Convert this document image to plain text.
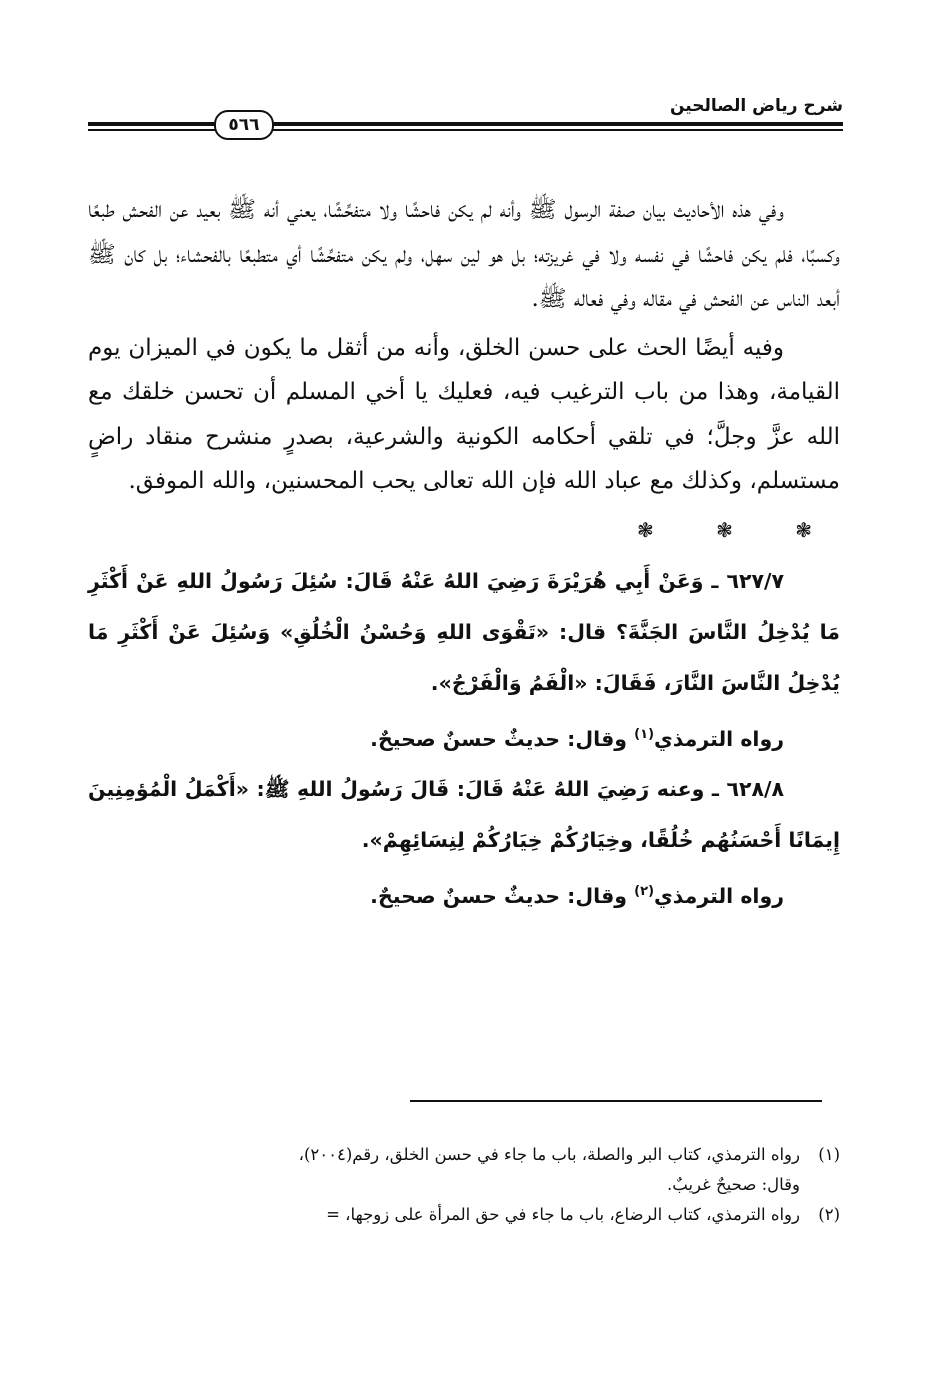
شرح رياض الصالحين
٥٦٦

وفي هذه الأحاديث بيان صفة الرسول ﷺ وأنه لم يكن فاحشًا ولا متفحِّشًا، يعني أنه ﷺ بعيد عن الفحش طبعًا وكسبًا، فلم يكن فاحشًا في نفسه ولا في غريزته؛ بل هو لين سهل، ولم يكن متفحِّشًا أي متطبعًا بالفحشاء؛ بل كان ﷺ أبعد الناس عن الفحش في مقاله وفي فعاله ﷺ.

وفيه أيضًا الحث على حسن الخلق، وأنه من أثقل ما يكون في الميزان يوم القيامة، وهذا من باب الترغيب فيه، فعليك يا أخي المسلم أن تحسن خلقك مع الله عزَّ وجلَّ؛ في تلقي أحكامه الكونية والشرعية، بصدرٍ منشرح منقاد راضٍ مستسلم، وكذلك مع عباد الله فإن الله تعالى يحب المحسنين، والله الموفق.

❃	❃	❃

٦٢٧/٧ ـ وَعَنْ أَبِي هُرَيْرَةَ رَضِيَ اللهُ عَنْهُ قَالَ: سُئِلَ رَسُولُ اللهِ عَنْ أَكْثَرِ مَا يُدْخِلُ النَّاسَ الجَنَّةَ؟ قال: «تَقْوَى اللهِ وَحُسْنُ الْخُلُقِ» وَسُئِلَ عَنْ أَكْثَرِ مَا يُدْخِلُ النَّاسَ النَّارَ، فَقَالَ: «الْفَمُ وَالْفَرْجُ».

رواه الترمذي$^{(١)}$ وقال: حديثٌ حسنٌ صحيحٌ.

٦٢٨/٨ ـ وعنه رَضِيَ اللهُ عَنْهُ قَالَ: قَالَ رَسُولُ اللهِ ﷺ: «أَكْمَلُ الْمُؤمِنِينَ إِيمَانًا أَحْسَنُهُم خُلُقًا، وخِيَارُكُمْ خِيَارُكُمْ لِنِسَائِهِمْ».

رواه الترمذي$^{(٢)}$ وقال: حديثٌ حسنٌ صحيحٌ.

(١)رواه الترمذي، كتاب البر والصلة، باب ما جاء في حسن الخلق، رقم(٢٠٠٤)،

وقال: صحيحٌ غريبٌ.

(٢)رواه الترمذي، كتاب الرضاع، باب ما جاء في حق المرأة على زوجها، =
